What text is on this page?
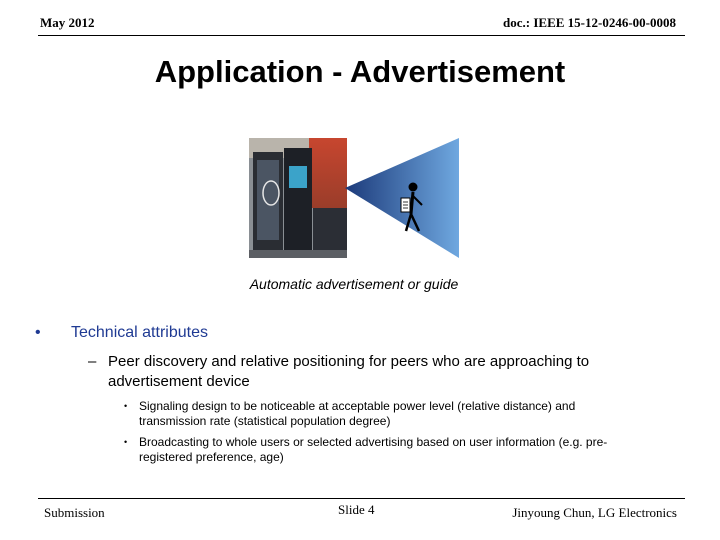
May 2012	doc.: IEEE 15-12-0246-00-0008
Application - Advertisement
Automatic advertisement or guide
• Technical attributes
– Peer discovery and relative positioning for peers who are approaching to advertisement device
• Signaling design to be noticeable at acceptable power level (relative distance) and transmission rate (statistical population degree)
• Broadcasting to whole users or selected advertising based on user information (e.g. pre-registered preference, age)
Submission	Slide 4	Jinyoung Chun, LG Electronics
